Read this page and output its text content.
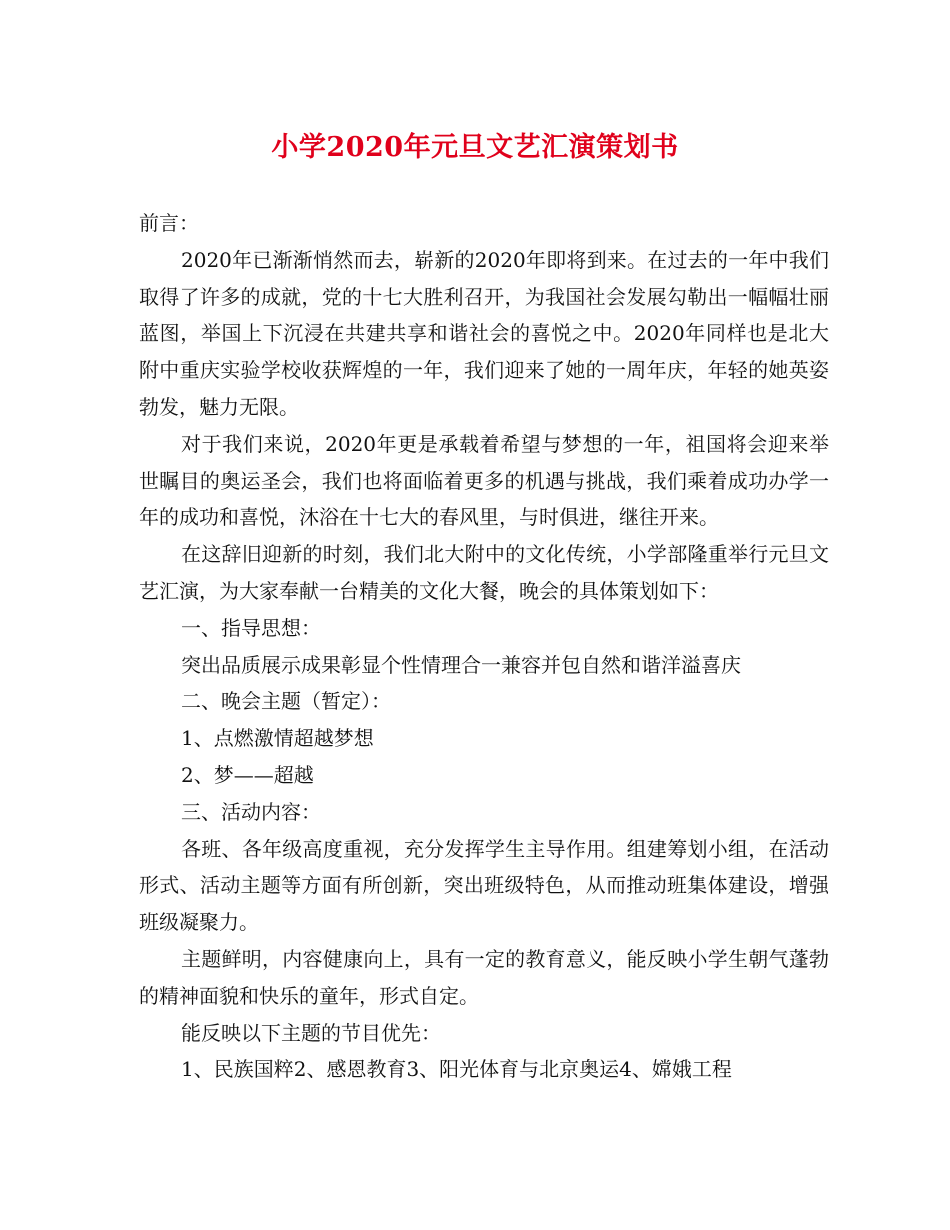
小学2020年元旦文艺汇演策划书

前言：

2020年已渐渐悄然而去，崭新的2020年即将到来。在过去的一年中我们取得了许多的成就，党的十七大胜利召开，为我国社会发展勾勒出一幅幅壮丽蓝图，举国上下沉浸在共建共享和谐社会的喜悦之中。2020年同样也是北大附中重庆实验学校收获辉煌的一年，我们迎来了她的一周年庆，年轻的她英姿勃发，魅力无限。

对于我们来说，2020年更是承载着希望与梦想的一年，祖国将会迎来举世瞩目的奥运圣会，我们也将面临着更多的机遇与挑战，我们乘着成功办学一年的成功和喜悦，沐浴在十七大的春风里，与时俱进，继往开来。

在这辞旧迎新的时刻，我们北大附中的文化传统，小学部隆重举行元旦文艺汇演，为大家奉献一台精美的文化大餐，晚会的具体策划如下：

一、指导思想：

突出品质展示成果彰显个性情理合一兼容并包自然和谐洋溢喜庆

二、晚会主题（暂定）：

1、点燃激情超越梦想

2、梦——超越

三、活动内容：

各班、各年级高度重视，充分发挥学生主导作用。组建筹划小组，在活动形式、活动主题等方面有所创新，突出班级特色，从而推动班集体建设，增强班级凝聚力。

主题鲜明，内容健康向上，具有一定的教育意义，能反映小学生朝气蓬勃的精神面貌和快乐的童年，形式自定。

能反映以下主题的节目优先：

1、民族国粹2、感恩教育3、阳光体育与北京奥运4、嫦娥工程
